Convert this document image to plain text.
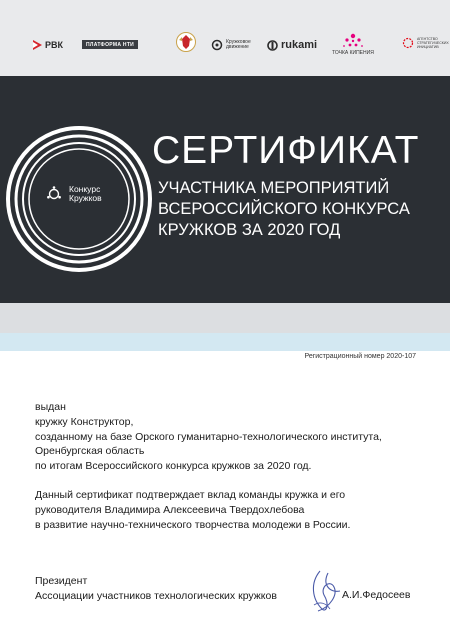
РВК	ПЛАТФОРМА НТИ	Кружковое
движение	rukami
ТОЧКА КИПЕНИЯ
АГЕНТСТВО
СТРАТЕГИЧЕСКИХ
ИНИЦИАТИВ
Конкурс
Кружков
СЕРТИФИКАТ
УЧАСТНИКА МЕРОПРИЯТИЙ
ВСЕРОССИЙСКОГО КОНКУРСА
КРУЖКОВ ЗА 2020 ГОД
Регистрационный номер 2020-107

выдан

кружку Конструктор,

созданному на базе Орского гуманитарно-технологического института,

Оренбургская область

по итогам Всероссийского конкурса кружков за 2020 год.

Данный сертификат подтверждает вклад команды кружка и его

руководителя Владимира Алексеевича Твердохлебова

в развитие научно-технического творчества молодежи в России.

Президент
Ассоциации участников технологических кружков	А.И.Федосеев
